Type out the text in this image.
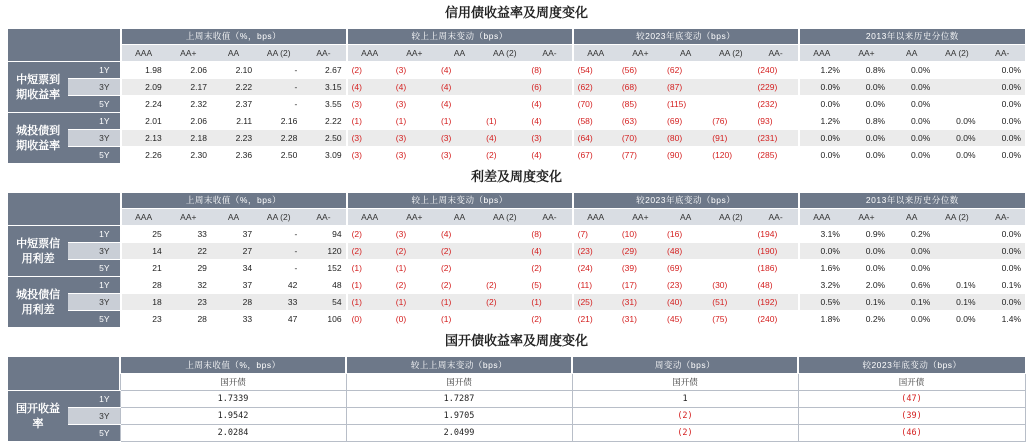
信用债收益率及周度变化
		上周末收值（%，bps）					较上上周末变动（bps）					较2023年底变动（bps）					2013年以来历史分位数				
		AAA	AA+	AA	AA (2)	AA-	AAA	AA+	AA	AA (2)	AA-	AAA	AA+	AA	AA (2)	AA-	AAA	AA+	AA	AA (2)	AA-
中短票到期收益率	1Y	1.98	2.06	2.10	-	2.67	(2)	(3)	(4)		(8)	(54)	(56)	(62)		(240)	1.2%	0.8%	0.0%		0.0%
	3Y	2.09	2.17	2.22	-	3.15	(4)	(4)	(4)		(6)	(62)	(68)	(87)		(229)	0.0%	0.0%	0.0%		0.0%
	5Y	2.24	2.32	2.37	-	3.55	(3)	(3)	(4)		(4)	(70)	(85)	(115)		(232)	0.0%	0.0%	0.0%		0.0%
城投债到期收益率	1Y	2.01	2.06	2.11	2.16	2.22	(1)	(1)	(1)	(1)	(4)	(58)	(63)	(69)	(76)	(93)	1.2%	0.8%	0.0%	0.0%	0.0%
	3Y	2.13	2.18	2.23	2.28	2.50	(3)	(3)	(3)	(4)	(3)	(64)	(70)	(80)	(91)	(231)	0.0%	0.0%	0.0%	0.0%	0.0%
	5Y	2.26	2.30	2.36	2.50	3.09	(3)	(3)	(3)	(2)	(4)	(67)	(77)	(90)	(120)	(285)	0.0%	0.0%	0.0%	0.0%	0.0%
利差及周度变化
		上周末收值（%，bps）					较上上周末变动（bps）					较2023年底变动（bps）					2013年以来历史分位数				
		AAA	AA+	AA	AA (2)	AA-	AAA	AA+	AA	AA (2)	AA-	AAA	AA+	AA	AA (2)	AA-	AAA	AA+	AA	AA (2)	AA-
中短票信用利差	1Y	25	33	37	-	94	(2)	(3)	(4)		(8)	(7)	(10)	(16)		(194)	3.1%	0.9%	0.2%		0.0%
	3Y	14	22	27	-	120	(2)	(2)	(2)		(4)	(23)	(29)	(48)		(190)	0.0%	0.0%	0.0%		0.0%
	5Y	21	29	34	-	152	(1)	(1)	(2)		(2)	(24)	(39)	(69)		(186)	1.6%	0.0%	0.0%		0.0%
城投债信用利差	1Y	28	32	37	42	48	(1)	(2)	(2)	(2)	(5)	(11)	(17)	(23)	(30)	(48)	3.2%	2.0%	0.6%	0.1%	0.1%
	3Y	18	23	28	33	54	(1)	(1)	(1)	(2)	(1)	(25)	(31)	(40)	(51)	(192)	0.5%	0.1%	0.1%	0.1%	0.0%
	5Y	23	28	33	47	106	(0)	(0)	(1)		(2)	(21)	(31)	(45)	(75)	(240)	1.8%	0.2%	0.0%	0.0%	1.4%
国开债收益率及周度变化
		上周末收值（%，bps）	较上上周末变动（bps）	周变动（bps）	较2023年底变动（bps）
		国开债	国开债	国开债	国开债
国开收益率	1Y	1.7339	1.7287	1	(47)
	3Y	1.9542	1.9705	(2)	(39)
	5Y	2.0284	2.0499	(2)	(46)
